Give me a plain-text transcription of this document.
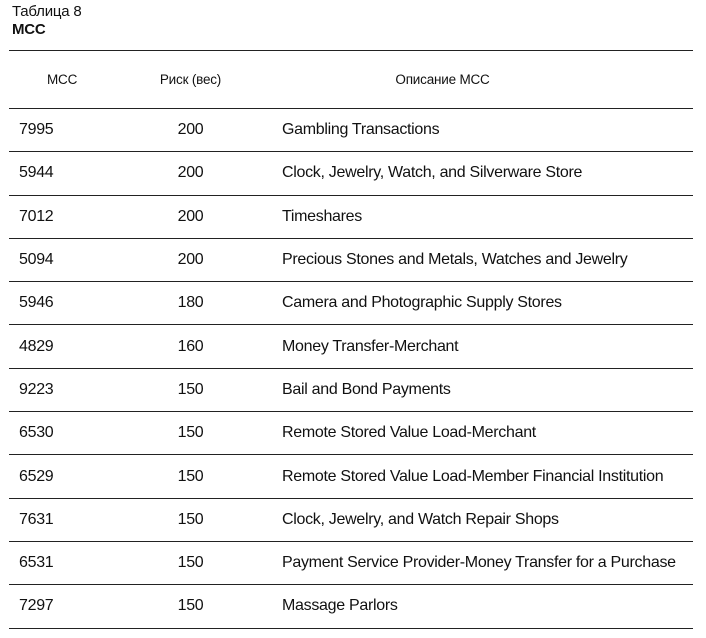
Таблица 8
MCC
MCC	Риск (вес)	Описание MCC
7995	200	Gambling Transactions
5944	200	Clock, Jewelry, Watch, and Silverware Store
7012	200	Timeshares
5094	200	Precious Stones and Metals, Watches and Jewelry
5946	180	Camera and Photographic Supply Stores
4829	160	Money Transfer-Merchant
9223	150	Bail and Bond Payments
6530	150	Remote Stored Value Load-Merchant
6529	150	Remote Stored Value Load-Member Financial Institution
7631	150	Clock, Jewelry, and Watch Repair Shops
6531	150	Payment Service Provider-Money Transfer for a Purchase
7297	150	Massage Parlors
